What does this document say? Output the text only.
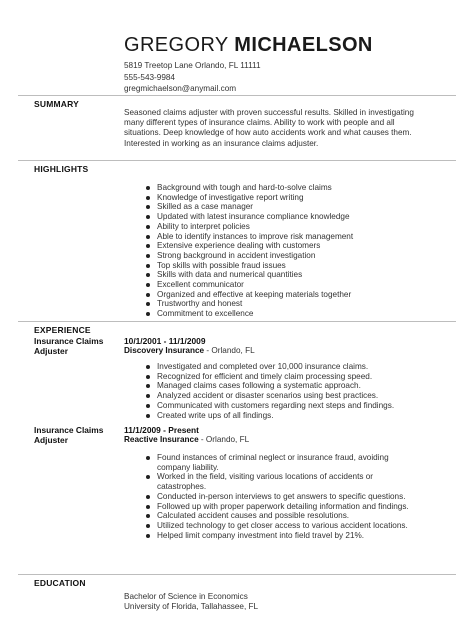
GREGORY MICHAELSON
5819 Treetop Lane Orlando, FL 11111
555-543-9984
gregmichaelson@anymail.com
SUMMARY
Seasoned claims adjuster with proven successful results. Skilled in investigating many different types of insurance claims. Ability to work with people and all situations. Deep knowledge of how auto accidents work and what causes them. Interested in working as an insurance claims adjuster.
HIGHLIGHTS
Background with tough and hard-to-solve claims
Knowledge of investigative report writing
Skilled as a case manager
Updated with latest insurance compliance knowledge
Ability to interpret policies
Able to identify instances to improve risk management
Extensive experience dealing with customers
Strong background in accident investigation
Top skills with possible fraud issues
Skills with data and numerical quantities
Excellent communicator
Organized and effective at keeping materials together
Trustworthy and honest
Commitment to excellence
EXPERIENCE
Insurance Claims Adjuster
10/1/2001 - 11/1/2009
Discovery Insurance - Orlando, FL
Investigated and completed over 10,000 insurance claims.
Recognized for efficient and timely claim processing speed.
Managed claims cases following a systematic approach.
Analyzed accident or disaster scenarios using best practices.
Communicated with customers regarding next steps and findings.
Created write ups of all findings.
Insurance Claims Adjuster
11/1/2009 - Present
Reactive Insurance - Orlando, FL
Found instances of criminal neglect or insurance fraud, avoiding company liability.
Worked in the field, visiting various locations of accidents or catastrophes.
Conducted in-person interviews to get answers to specific questions.
Followed up with proper paperwork detailing information and findings.
Calculated accident causes and possible resolutions.
Utilized technology to get closer access to various accident locations.
Helped limit company investment into field travel by 21%.
EDUCATION
Bachelor of Science in Economics
University of Florida, Tallahassee, FL
